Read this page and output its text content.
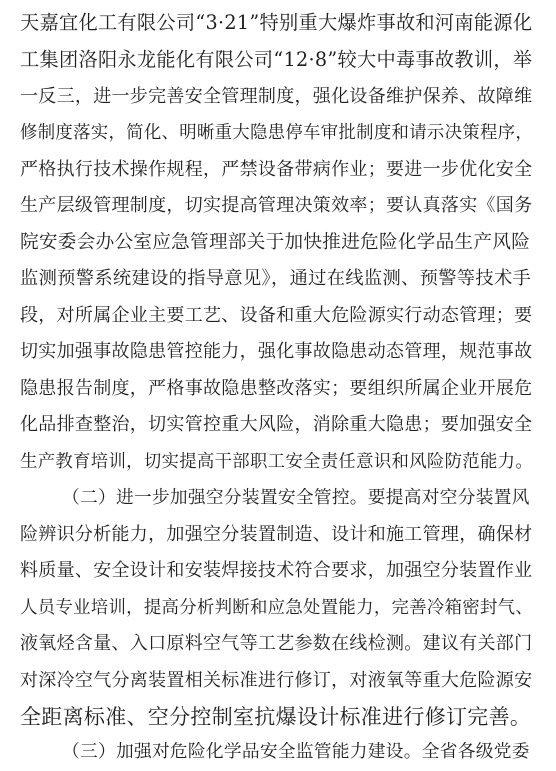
天嘉宜化工有限公司“3·21”特别重大爆炸事故和河南能源化
工集团洛阳永龙能化有限公司“12·8”较大中毒事故教训，举
一反三，进一步完善安全管理制度，强化设备维护保养、故障维
修制度落实，简化、明晰重大隐患停车审批制度和请示决策程序，
严格执行技术操作规程，严禁设备带病作业；要进一步优化安全
生产层级管理制度，切实提高管理决策效率；要认真落实《国务
院安委会办公室应急管理部关于加快推进危险化学品生产风险
监测预警系统建设的指导意见》，通过在线监测、预警等技术手
段，对所属企业主要工艺、设备和重大危险源实行动态管理；要
切实加强事故隐患管控能力，强化事故隐患动态管理，规范事故
隐患报告制度，严格事故隐患整改落实；要组织所属企业开展危
化品排查整治，切实管控重大风险，消除重大隐患；要加强安全
生产教育培训，切实提高干部职工安全责任意识和风险防范能力。
（二）进一步加强空分装置安全管控。要提高对空分装置风
险辨识分析能力，加强空分装置制造、设计和施工管理，确保材
料质量、安全设计和安装焊接技术符合要求，加强空分装置作业
人员专业培训，提高分析判断和应急处置能力，完善冷箱密封气、
液氧烃含量、入口原料空气等工艺参数在线检测。建议有关部门
对深冷空气分离装置相关标准进行修订，对液氧等重大危险源安
全距离标准、空分控制室抗爆设计标准进行修订完善。
（三）加强对危险化学品安全监管能力建设。全省各级党委
